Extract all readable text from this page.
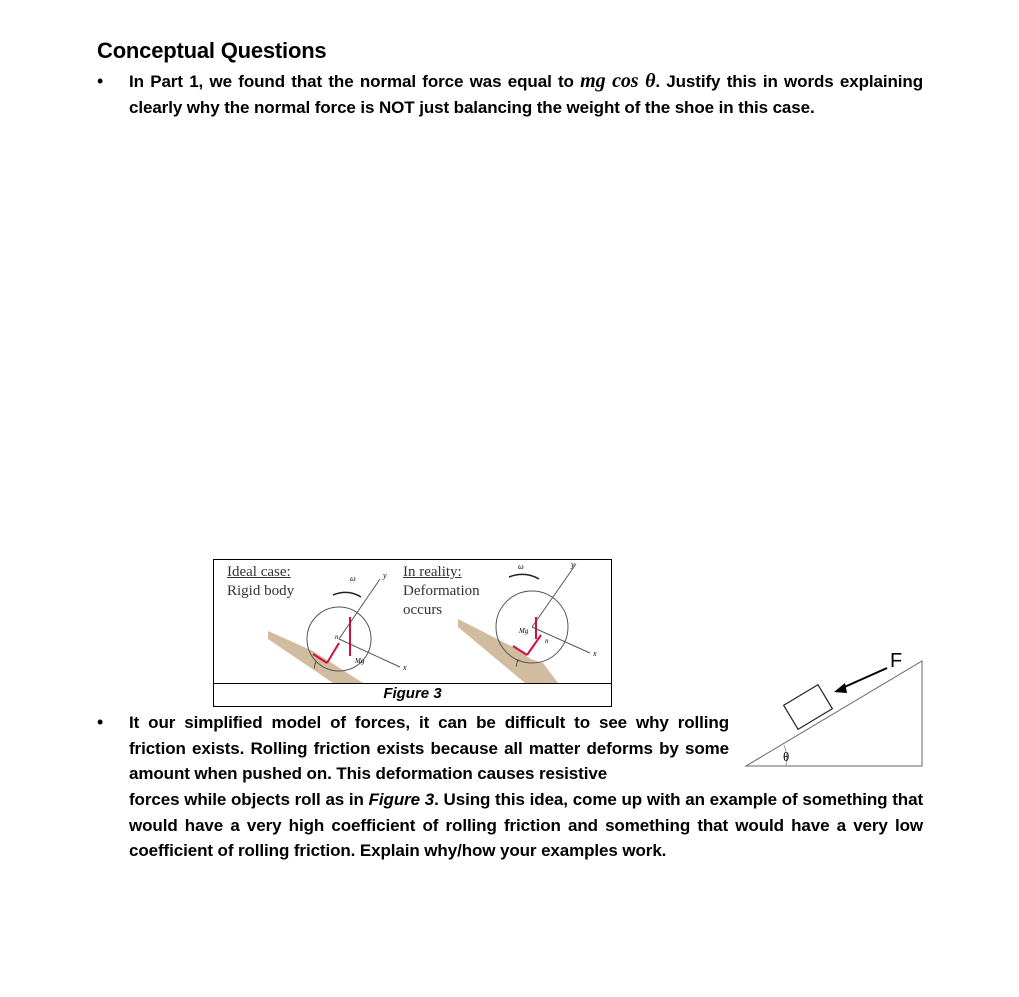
Conceptual Questions
• In Part 1, we found that the normal force was equal to mg cos θ. Justify this in words explaining clearly why the normal force is NOT just balancing the weight of the shoe in this case.
ω	y
x
n
Mg
f
ω	y
x
n
Mg
f
Ideal case:
Rigid body
In reality:
Deformation
occurs
Figure 3
F
θ
• It our simplified model of forces, it can be difficult to see why rolling friction exists. Rolling friction exists because all matter deforms by some amount when pushed on. This deformation causes resistive
forces while objects roll as in Figure 3. Using this idea, come up with an example of something that would have a very high coefficient of rolling friction and something that would have a very low coefficient of rolling friction. Explain why/how your examples work.
